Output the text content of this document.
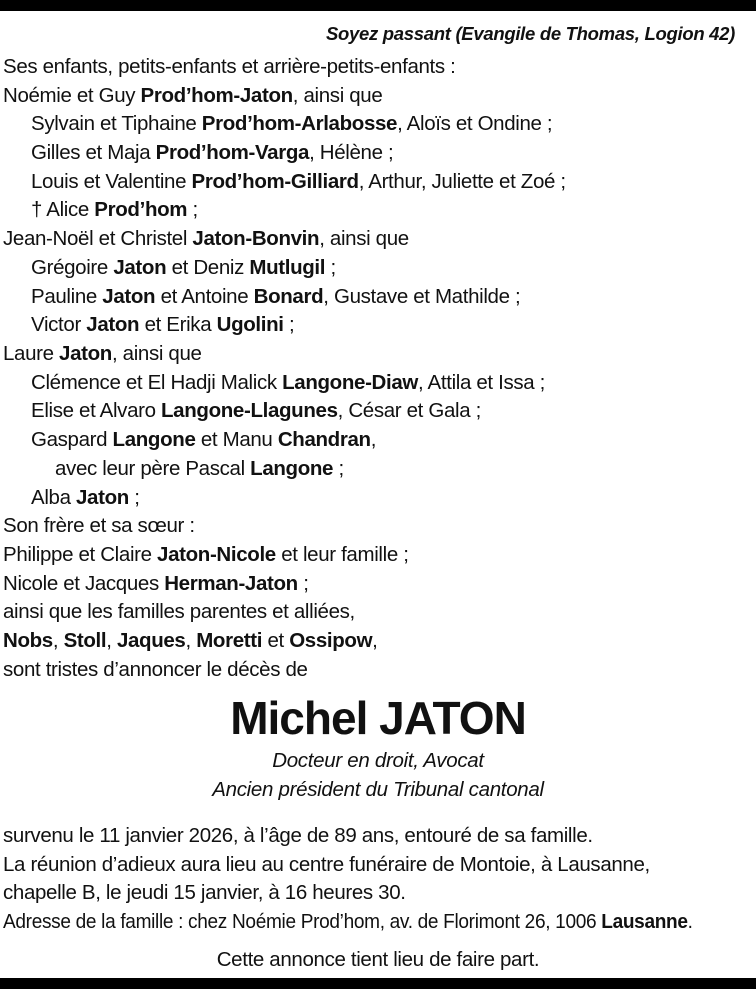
Soyez passant (Evangile de Thomas, Logion 42)
Ses enfants, petits-enfants et arrière-petits-enfants :
Noémie et Guy Prod’hom-Jaton, ainsi que
Sylvain et Tiphaine Prod’hom-Arlabosse, Aloïs et Ondine ;
Gilles et Maja Prod’hom-Varga, Hélène ;
Louis et Valentine Prod’hom-Gilliard, Arthur, Juliette et Zoé ;
† Alice Prod’hom ;
Jean-Noël et Christel Jaton-Bonvin, ainsi que
Grégoire Jaton et Deniz Mutlugil ;
Pauline Jaton et Antoine Bonard, Gustave et Mathilde ;
Victor Jaton et Erika Ugolini ;
Laure Jaton, ainsi que
Clémence et El Hadji Malick Langone-Diaw, Attila et Issa ;
Elise et Alvaro Langone-Llagunes, César et Gala ;
Gaspard Langone et Manu Chandran,
avec leur père Pascal Langone ;
Alba Jaton ;
Son frère et sa sœur :
Philippe et Claire Jaton-Nicole et leur famille ;
Nicole et Jacques Herman-Jaton ;
ainsi que les familles parentes et alliées,
Nobs, Stoll, Jaques, Moretti et Ossipow,
sont tristes d’annoncer le décès de
Michel JATON
Docteur en droit, Avocat
Ancien président du Tribunal cantonal
survenu le 11 janvier 2026, à l’âge de 89 ans, entouré de sa famille.
La réunion d’adieux aura lieu au centre funéraire de Montoie, à Lausanne,
chapelle B, le jeudi 15 janvier, à 16 heures 30.
Adresse de la famille : chez Noémie Prod’hom, av. de Florimont 26, 1006 Lausanne.
Cette annonce tient lieu de faire part.
